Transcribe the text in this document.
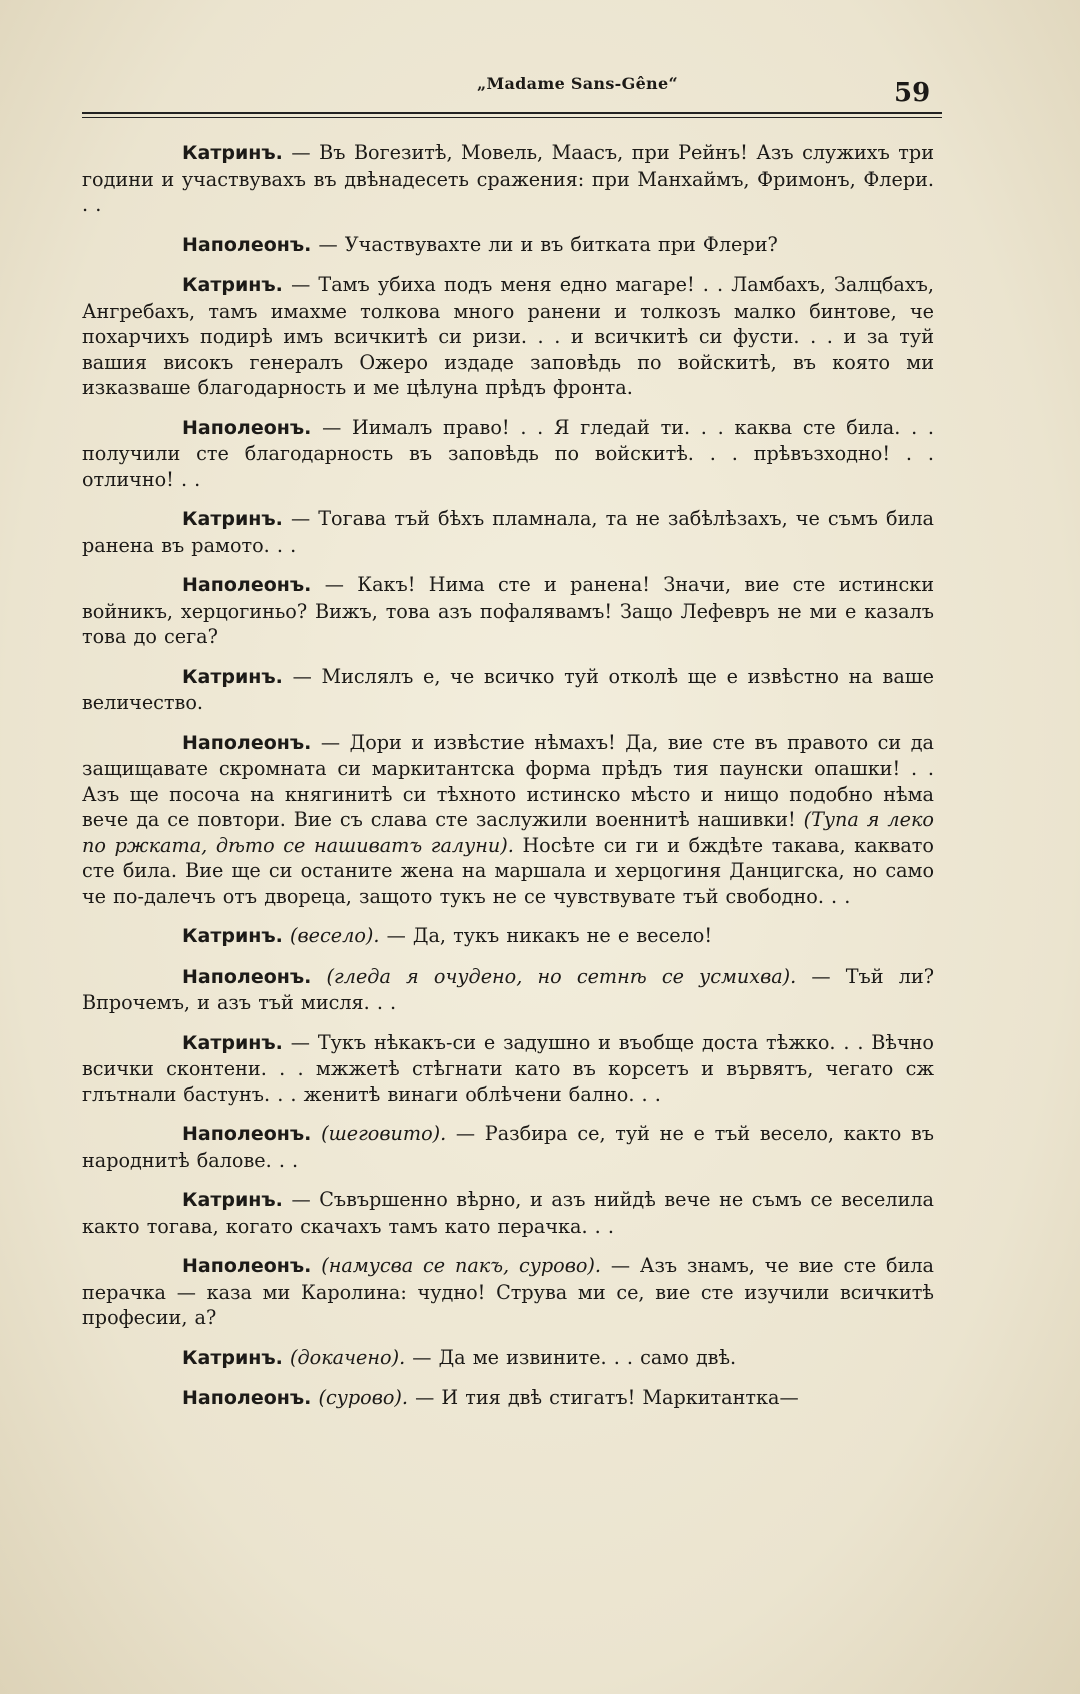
„Madame Sans-Gêne“	59

Катринъ. — Въ Вогезитѣ, Мовель, Маасъ, при Рейнъ! Азъ служихъ три години и участвувахъ въ двѣнадесеть сражения: при Манхаймъ, Фримонъ, Флери. . .

Наполеонъ. — Участвувахте ли и въ битката при Флери?

Катринъ. — Тамъ убиха подъ меня едно магаре! . . Ламбахъ, Залцбахъ, Ангребахъ, тамъ имахме толкова много ранени и толкозъ малко бинтове, че похарчихъ подирѣ имъ всичкитѣ си ризи. . . и всичкитѣ си фусти. . . и за туй вашия високъ генералъ Ожеро издаде заповѣдь по войскитѣ, въ която ми изказваше благодарность и ме цѣлуна прѣдъ фронта.

Наполеонъ. — Иималъ право! . . Я гледай ти. . . каква сте била. . . получили сте благодарность въ заповѣдь по войскитѣ. . . прѣвъзходно! . . отлично! . .

Катринъ. — Тогава тъй бѣхъ пламнала, та не забѣлѣзахъ, че съмъ била ранена въ рамото. . .

Наполеонъ. — Какъ! Нима сте и ранена! Значи, вие сте истински войникъ, херцогиньо? Вижъ, това азъ пофалявамъ! Защо Лефевръ не ми е казалъ това до сега?

Катринъ. — Мислялъ е, че всичко туй отколѣ ще е извѣстно на ваше величество.

Наполеонъ. — Дори и извѣстие нѣмахъ! Да, вие сте въ правото си да защищавате скромната си маркитантска форма прѣдъ тия паунски опашки! . . Азъ ще посоча на княгинитѣ си тѣхното истинско мѣсто и нищо подобно нѣма вече да се повтори. Вие съ слава сте заслужили военнитѣ нашивки! (Тупа я леко по ржката, дѣто се нашиватъ галуни). Носѣте си ги и бждѣте такава, каквато сте била. Вие ще си останите жена на маршала и херцогиня Данцигска, но само че по-далечъ отъ двореца, защото тукъ не се чувствувате тъй свободно. . .

Катринъ. (весело). — Да, тукъ никакъ не е весело!

Наполеонъ. (гледа я очудено, но сетнѣ се усмихва). — Тъй ли? Впрочемъ, и азъ тъй мисля. . .

Катринъ. — Тукъ нѣкакъ-си е задушно и въобще доста тѣжко. . . Вѣчно всички сконтени. . . мжжетѣ стѣгнати като въ корсетъ и вървятъ, чегато сж глътнали бастунъ. . . женитѣ винаги облѣчени бално. . .

Наполеонъ. (шеговито). — Разбира се, туй не е тъй весело, както въ народнитѣ балове. . .

Катринъ. — Съвършенно вѣрно, и азъ нийдѣ вече не съмъ се веселила както тогава, когато скачахъ тамъ като перачка. . .

Наполеонъ. (намусва се пакъ, сурово). — Азъ знамъ, че вие сте била перачка — каза ми Каролина: чудно! Струва ми се, вие сте изучили всичкитѣ професии, а?

Катринъ. (докачено). — Да ме извините. . . само двѣ.

Наполеонъ. (сурово). — И тия двѣ стигатъ! Маркитантка—
